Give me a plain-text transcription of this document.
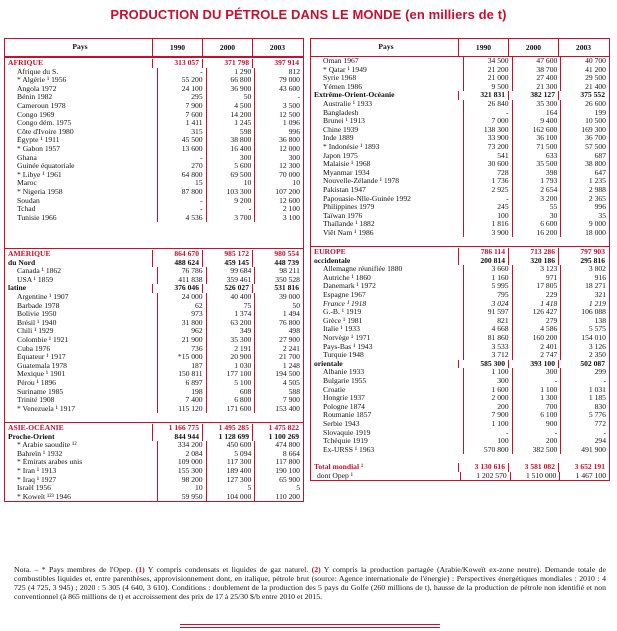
PRODUCTION DU PÉTROLE DANS LE MONDE (en milliers de t)
Pays	1990	2000	2003
AFRIQUE	313 057	371 798	397 914
Afrique du S.	-	1 290	812
* Algérie ¹ 1956	55 200	66 800	79 000
Angola 1972	24 100	36 900	43 600
Bénin 1982	295	50	-
Cameroun 1978	7 900	4 500	3 500
Congo 1969	7 600	14 200	12 500
Congo dém. 1975	1 411	1 245	1 096
Côte d'Ivoire 1980	315	598	996
Égypte ¹ 1911	45 500	38 800	36 800
* Gabon 1957	13 600	16 400	12 000
Ghana	-	300	300
Guinée équatoriale	270	5 600	12 300
* Libye ¹ 1961	64 800	69 500	70 000
Maroc	15	10	10
* Nigeria 1958	87 800	103 300	107 200
Soudan	-	9 200	12 600
Tchad	-	-	2 100
Tunisie 1966	4 536	3 700	3 100
AMÉRIQUE	864 670	985 172	980 554
du Nord	488 624	459 145	448 739
Canada ¹ 1862	76 786	99 684	98 211
USA ¹ 1859	411 838	359 461	350 528
latine	376 046	526 027	531 816
Argentine ¹ 1907	24 000	40 400	39 000
Barbade 1978	62	75	50
Bolivie 1950	973	1 374	1 494
Brésil ¹ 1940	31 800	63 200	76 800
Chili ¹ 1929	962	349	498
Colombie ¹ 1921	21 900	35 300	27 900
Cuba 1976	736	2 191	2 241
Équateur ¹ 1917	*15 000	20 900	21 700
Guatemala 1978	187	1 030	1 248
Mexique ¹ 1901	150 811	177 100	194 500
Pérou ¹ 1896	6 897	5 100	4 505
Suriname 1985	198	608	588
Trinité 1908	7 400	6 800	7 900
* Venezuela ¹ 1917	115 120	171 600	153 400
ASIE-OCÉANIE	1 166 775	1 495 285	1 475 822
Proche-Orient	844 944	1 128 699	1 100 269
* Arabie saoudite ¹²	334 200	450 600	474 800
Bahreïn ¹ 1932	2 084	5 094	8 664
* Émirats arabes unis	109 000	117 300	117 800
* Iran ¹ 1913	155 300	189 400	190 100
* Iraq ¹ 1927	98 200	127 300	65 900
Israël 1956	10	5	5
* Koweït ¹²³ 1946	59 950	104 000	110 200
Pays	1990	2000	2003
Oman 1967	34 500	47 600	40 700
* Qatar ¹ 1949	21 200	38 700	41 200
Syrie 1968	21 000	27 400	29 500
Yémen 1986	9 500	21 300	21 400
Extrême-Orient-Océanie	321 831	382 127	375 552
Australie ¹ 1933	26 840	35 300	26 600
Bangladesh	-	164	199
Brunei ¹ 1913	7 000	9 400	10 500
Chine 1939	138 300	162 600	169 300
Inde 1889	33 900	36 100	36 700
* Indonésie ¹ 1893	73 200	71 500	57 500
Japon 1975	541	633	687
Malaisie ¹ 1968	30 600	35 500	38 800
Myanmar 1934	728	398	647
Nouvelle-Zélande ¹ 1978	1 736	1 793	1 235
Pakistan 1947	2 925	2 654	2 988
Papouasie-Nlle-Guinée 1992	-	3 200	2 365
Philippines 1979	245	55	996
Taïwan 1976	100	30	35
Thaïlande ¹ 1882	1 816	6 600	9 000
Viêt Nam ¹ 1986	3 900	16 200	18 000
EUROPE	786 114	713 286	797 903
occidentale	200 814	320 186	295 816
Allemagne réunifiée 1880	3 660	3 123	3 802
Autriche ¹ 1860	1 160	971	916
Danemark ¹ 1972	5 995	17 805	18 271
Espagne 1967	795	229	321
France ¹ 1918	3 024	1 418	1 219
G.-B. ¹ 1919	91 597	126 427	106 088
Grèce ¹ 1981	821	279	138
Italie ¹ 1933	4 668	4 586	5 575
Norvège ¹ 1971	81 860	160 200	154 010
Pays-Bas ¹ 1943	3 533	2 401	3 126
Turquie 1948	3 712	2 747	2 350
orientale	585 300	393 100	502 087
Albanie 1933	1 100	300	299
Bulgarie 1955	300	-	-
Croatie	1 600	1 100	1 031
Hongrie 1937	2 000	1 300	1 185
Pologne 1874	200	700	830
Roumanie 1857	7 900	6 100	5 776
Serbie 1943	1 100	900	772
Slovaquie 1919	-	-	-
Tchéquie 1919	100	200	294
Ex-URSS ¹ 1963	570 800	382 500	491 900
Total mondial ¹	3 130 616	3 581 082	3 652 191
dont Opep ¹	1 202 570	1 510 000	1 467 100
Nota. – * Pays membres de l'Opep. (1) Y compris condensats et liquides de gaz naturel. (2) Y compris la production partagée (Arabie/Koweït ex-zone neutre). Demande totale de combustibles liquides et, entre parenthèses, approvisionnement dont, en italique, pétrole brut (source: Agence internationale de l'énergie) : Perspectives énergétiques mondiales : 2010 : 4 725 (4 725, 3 945) ; 2020 : 5 305 (4 640, 3 610). Conditions : doublement de la production des 5 pays du Golfe (260 millions de t), hausse de la production de pétrole non identifié et non conventionnel (à 865 millions de t) et accroissement des prix de 17 à 25/30 $/b entre 2010 et 2015.
